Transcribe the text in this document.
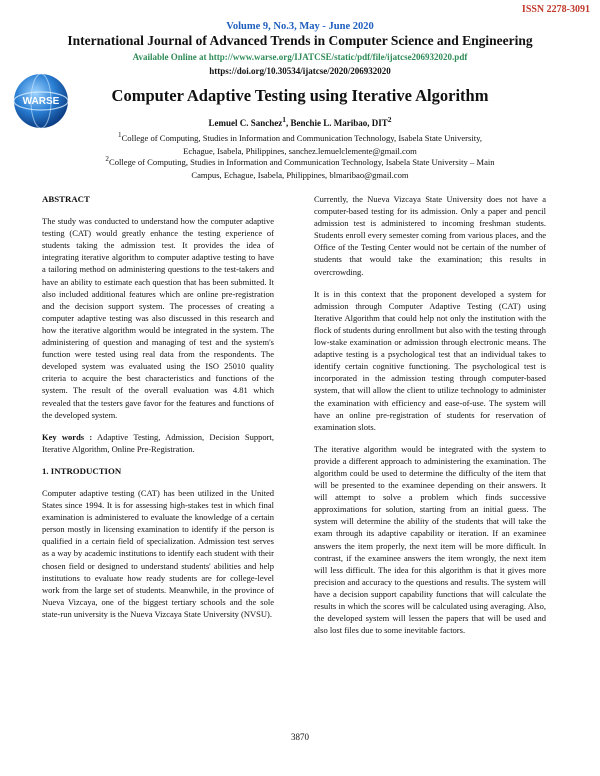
ISSN 2278-3091
WARSE

Volume 9, No.3, May - June 2020

International Journal of Advanced Trends in Computer Science and Engineering

Available Online at http://www.warse.org/IJATCSE/static/pdf/file/ijatcse206932020.pdf

https://doi.org/10.30534/ijatcse/2020/206932020

Computer Adaptive Testing using Iterative Algorithm

Lemuel C. Sanchez$^1$, Benchie L. Maribao, DIT$^2$

$^1$College of Computing, Studies in Information and Communication Technology, Isabela State University,
Echague, Isabela, Philippines, sanchez.lemuelclemente@gmail.com

$^2$College of Computing, Studies in Information and Communication Technology, Isabela State University – Main
Campus, Echague, Isabela, Philippines, blmaribao@gmail.com

ABSTRACT

The study was conducted to understand how the computer adaptive testing (CAT) would greatly enhance the testing experience of students taking the admission test. It provides the idea of integrating iterative algorithm to computer adaptive testing to have a tailoring method on administering questions to the test-takers and have an ability to estimate each question that has been submitted. It also included additional features which are online pre-registration and the decision support system. The processes of creating a computer adaptive testing was also discussed in this research and how the iterative algorithm would be integrated in the system. The administering of question and managing of test and the system's function were tested using real data from the respondents. The developed system was evaluated using the ISO 25010 quality criteria to acquire the best characteristics and functions of the system. The result of the overall evaluation was 4.81 which revealed that the testers gave favor for the features and functions of the developed system.

Key words : Adaptive Testing, Admission, Decision Support, Iterative Algorithm, Online Pre-Registration.

1. INTRODUCTION

Computer adaptive testing (CAT) has been utilized in the United States since 1994. It is for assessing high-stakes test in which final examination is administered to evaluate the knowledge of a certain person mostly in licensing examination to identify if the person is qualified in a certain field of specialization. Admission test serves as a way by academic institutions to identify each student with their chosen field or designed to understand students' abilities and help institutions to evaluate how ready students are for college-level work from the large set of students. Meanwhile, in the province of Nueva Vizcaya, one of the biggest tertiary schools and the sole state-run university is the Nueva Vizcaya State University (NVSU).

Currently, the Nueva Vizcaya State University does not have a computer-based testing for its admission. Only a paper and pencil admission test is administered to incoming freshman students. Students enroll every semester coming from various places, and the Office of the Testing Center would not be certain of the number of students that would take the examination; this results in overcrowding.

It is in this context that the proponent developed a system for admission through Computer Adaptive Testing (CAT) using Iterative Algorithm that could help not only the institution with the flock of students during enrollment but also with the testing through low-stake examination or admission through electronic means. The adaptive testing is a psychological test that an individual takes to identify certain cognitive functioning. The psychological test is incorporated in the admission testing through computer-based system, that will allow the client to utilize technology to administer the examination with efficiency and ease-of-use. The system will have an online pre-registration of students for reservation of examination slots.

The iterative algorithm would be integrated with the system to provide a different approach to administering the examination. The algorithm could be used to determine the difficulty of the item that will be presented to the examinee depending on their answers. It will attempt to solve a problem which finds successive approximations for solution, starting from an initial guess. The system will determine the ability of the students that will take the exam through its adaptive capability or iteration. If an examinee answers the item properly, the next item will be more difficult. In contrast, if the examinee answers the item wrongly, the next item will less difficult. The idea for this algorithm is that it gives more precision and accuracy to the questions and results. The system will have a decision support capability functions that will calculate the results in which the scores will be calculated using averaging. Also, the developed system will lessen the papers that will be used and also lost files due to some inevitable factors.

3870
